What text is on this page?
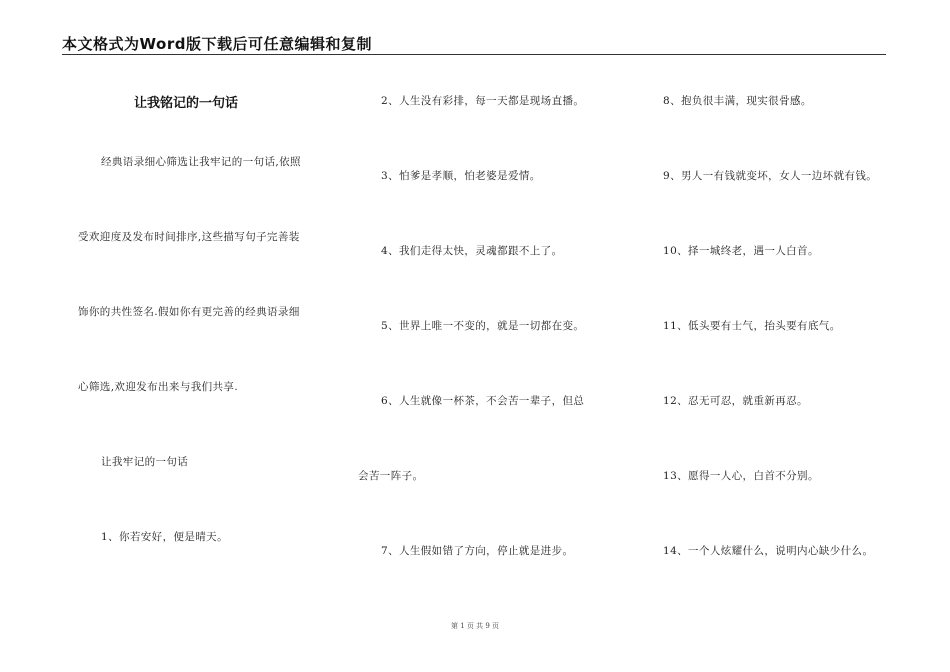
本文格式为Word版下载后可任意编辑和复制
让我铭记的一句话
经典语录细心筛选让我牢记的一句话,依照
受欢迎度及发布时间排序,这些描写句子完善装
饰你的共性签名.假如你有更完善的经典语录细
心筛选,欢迎发布出来与我们共享.
让我牢记的一句话
1、你若安好，便是晴天。
2、人生没有彩排，每一天都是现场直播。
3、怕爹是孝顺，怕老婆是爱情。
4、我们走得太快，灵魂都跟不上了。
5、世界上唯一不变的，就是一切都在变。
6、人生就像一杯茶，不会苦一辈子，但总
会苦一阵子。
7、人生假如错了方向，停止就是进步。
8、抱负很丰满，现实很骨感。
9、男人一有钱就变坏，女人一边坏就有钱。
10、择一城终老，遇一人白首。
11、低头要有士气，抬头要有底气。
12、忍无可忍，就重新再忍。
13、愿得一人心，白首不分别。
14、一个人炫耀什么，说明内心缺少什么。
第 1 页 共 9 页
